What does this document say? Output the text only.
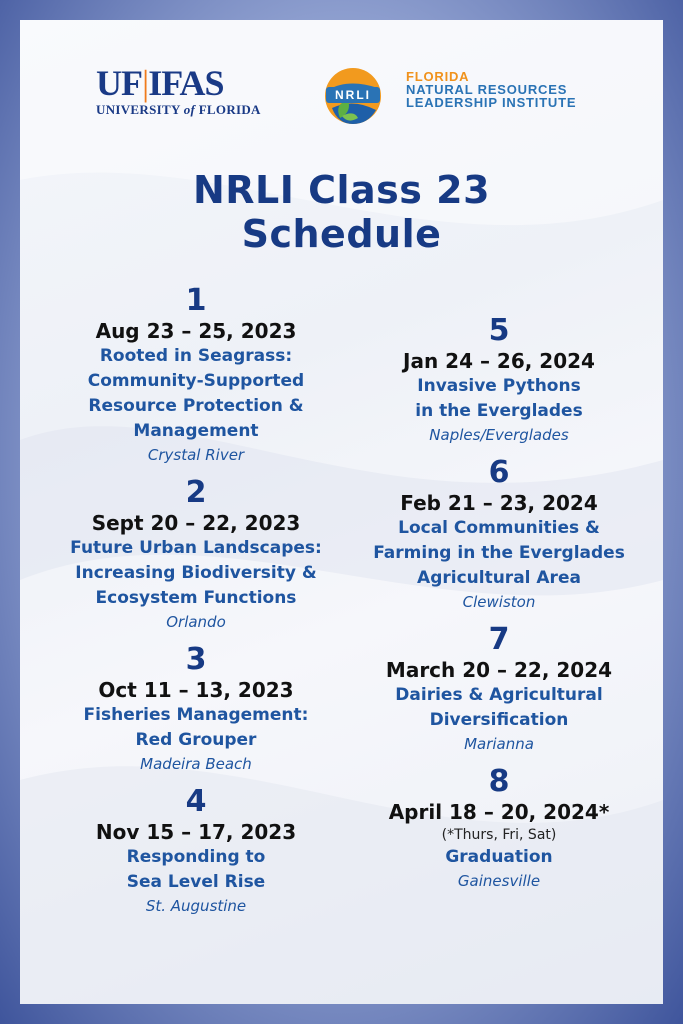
UF|IFAS
UNIVERSITY of FLORIDA
NRLI
FLORIDA
NATURAL RESOURCES
LEADERSHIP INSTITUTE
NRLI Class 23
Schedule
1
Aug 23 – 25, 2023
Rooted in Seagrass:
Community-Supported
Resource Protection &
Management
Crystal River
2
Sept 20 – 22, 2023
Future Urban Landscapes:
Increasing Biodiversity &
Ecosystem Functions
Orlando
3
Oct 11 – 13, 2023
Fisheries Management:
Red Grouper
Madeira Beach
4
Nov 15 – 17, 2023
Responding to
Sea Level Rise
St. Augustine
5
Jan 24 – 26, 2024
Invasive Pythons
in the Everglades
Naples/Everglades
6
Feb 21 – 23, 2024
Local Communities &
Farming in the Everglades
Agricultural Area
Clewiston
7
March 20 – 22, 2024
Dairies & Agricultural
Diversification
Marianna
8
April 18 – 20, 2024*
(*Thurs, Fri, Sat)
Graduation
Gainesville
